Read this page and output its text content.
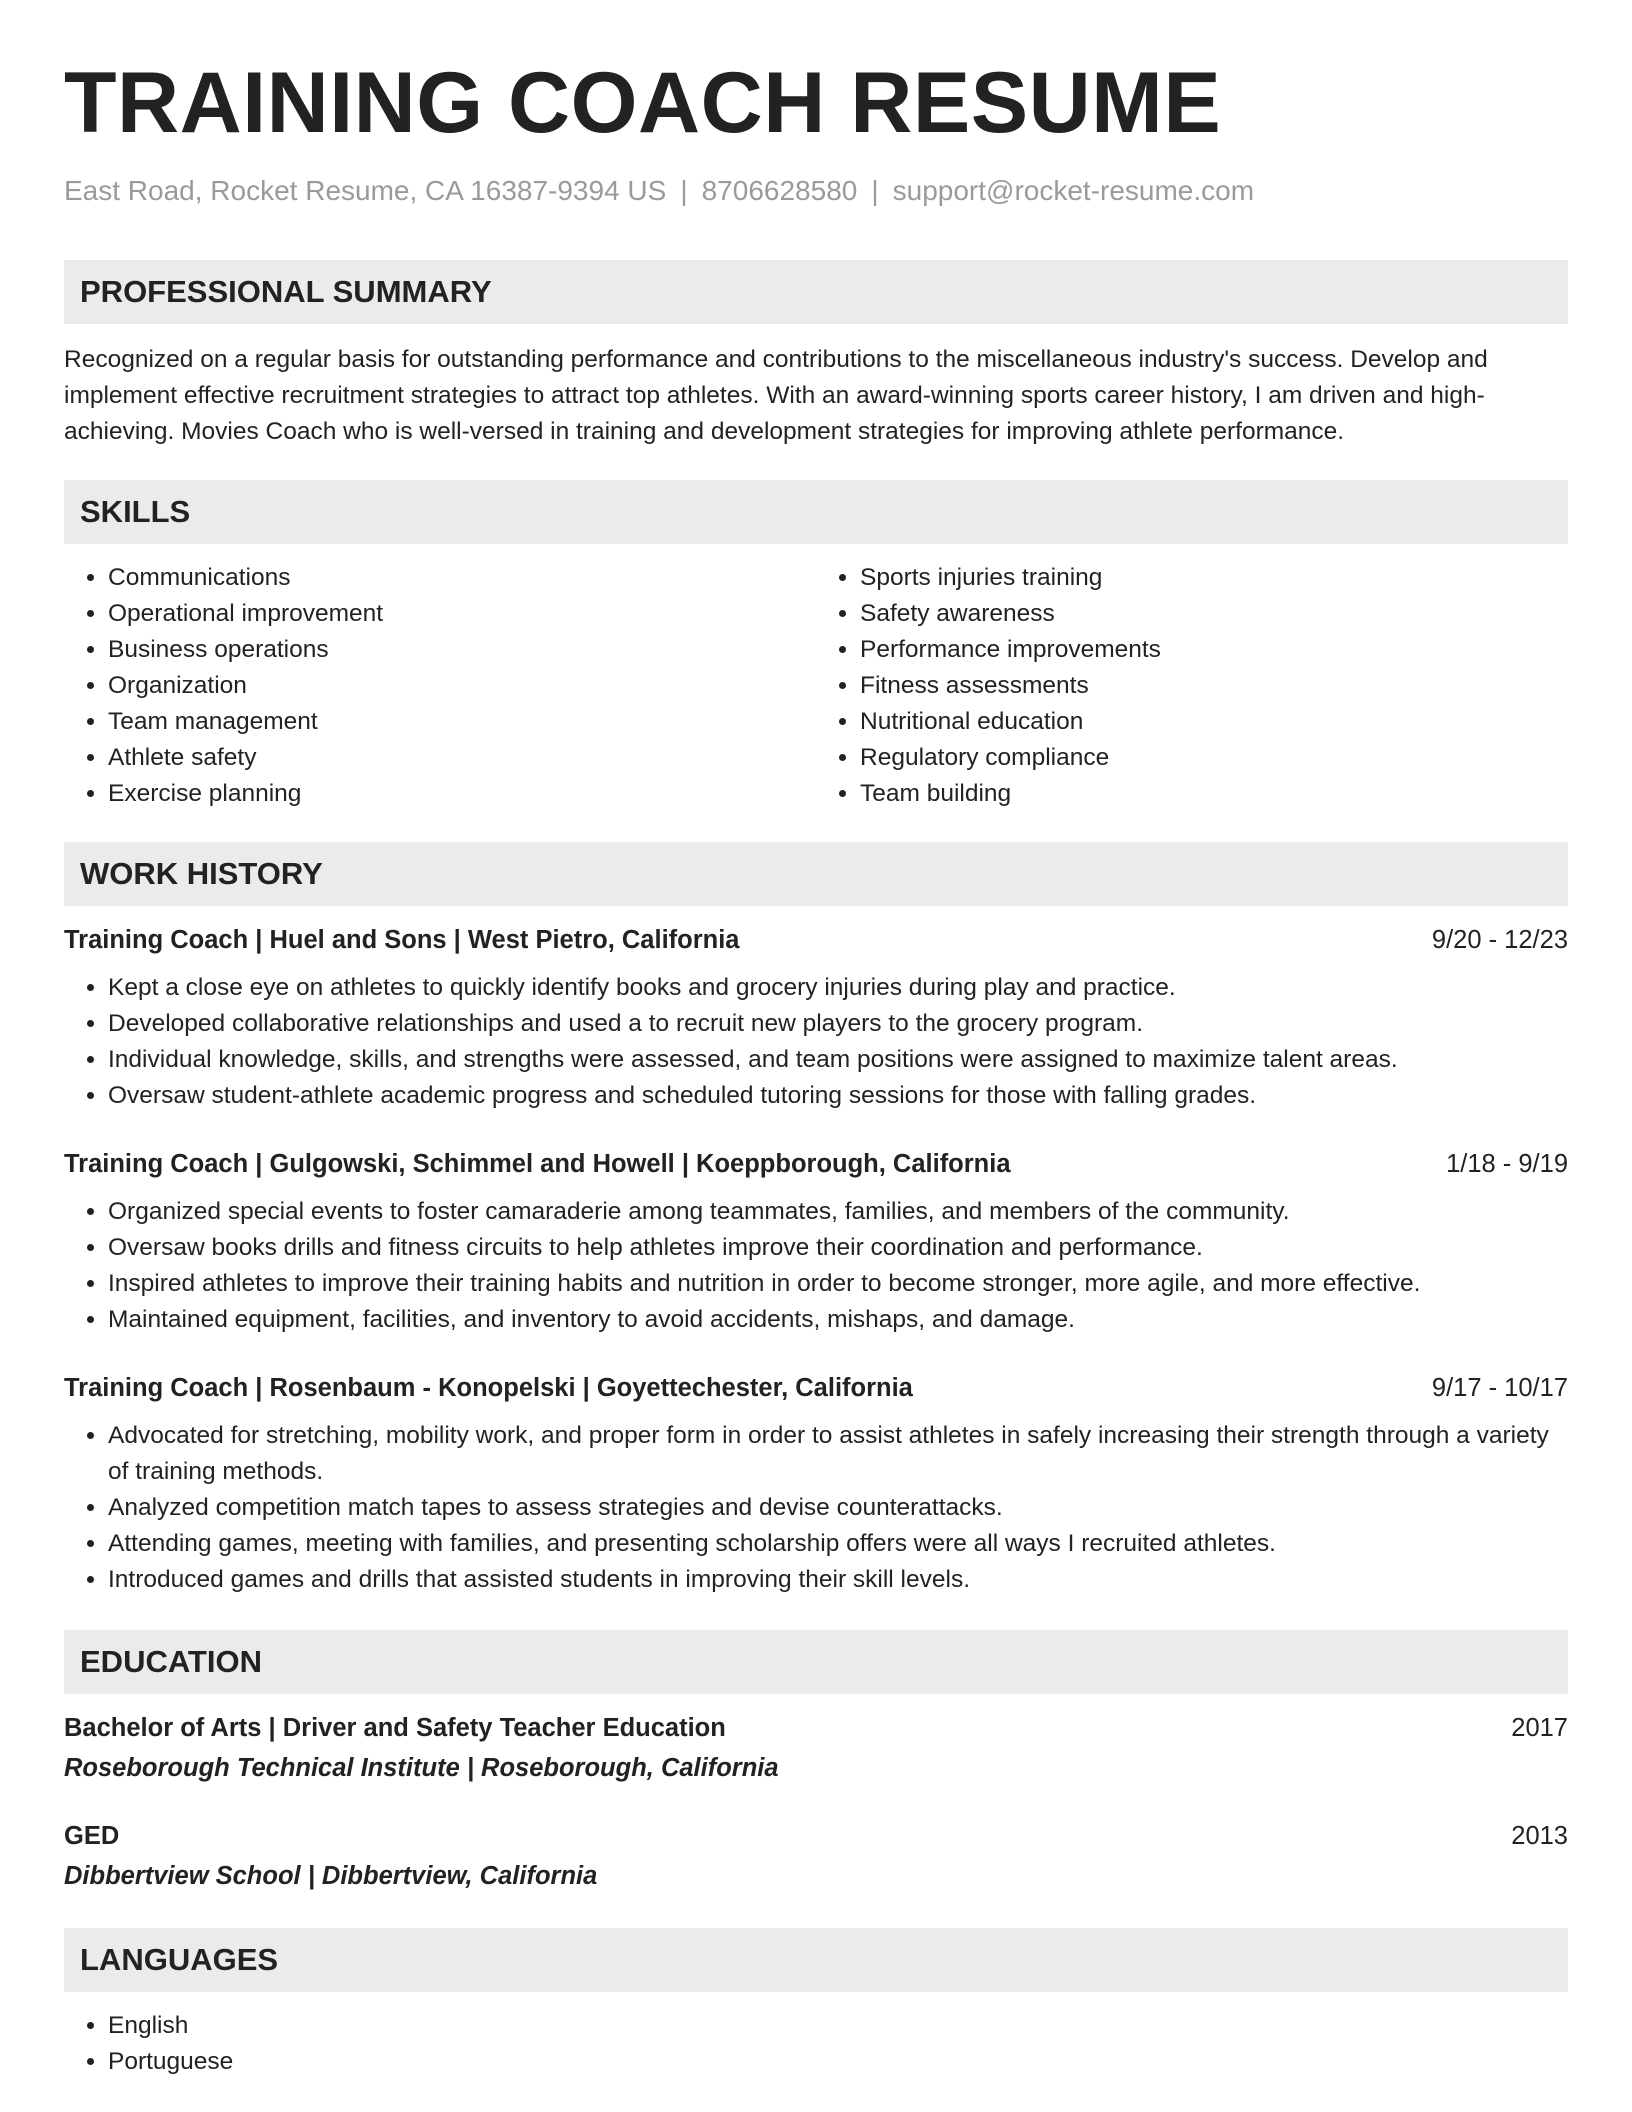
TRAINING COACH RESUME
East Road, Rocket Resume, CA 16387-9394 US | 8706628580 | support@rocket-resume.com
PROFESSIONAL SUMMARY

Recognized on a regular basis for outstanding performance and contributions to the miscellaneous industry's success. Develop and implement effective recruitment strategies to attract top athletes. With an award-winning sports career history, I am driven and high-achieving. Movies Coach who is well-versed in training and development strategies for improving athlete performance.

SKILLS
• Communications
• Operational improvement
• Business operations
• Organization
• Team management
• Athlete safety
• Exercise planning
• Sports injuries training
• Safety awareness
• Performance improvements
• Fitness assessments
• Nutritional education
• Regulatory compliance
• Team building
WORK HISTORY
Training Coach | Huel and Sons | West Pietro, California	9/20 - 12/23
• Kept a close eye on athletes to quickly identify books and grocery injuries during play and practice.
• Developed collaborative relationships and used a to recruit new players to the grocery program.
• Individual knowledge, skills, and strengths were assessed, and team positions were assigned to maximize talent areas.
• Oversaw student-athlete academic progress and scheduled tutoring sessions for those with falling grades.
Training Coach | Gulgowski, Schimmel and Howell | Koeppborough, California	1/18 - 9/19
• Organized special events to foster camaraderie among teammates, families, and members of the community.
• Oversaw books drills and fitness circuits to help athletes improve their coordination and performance.
• Inspired athletes to improve their training habits and nutrition in order to become stronger, more agile, and more effective.
• Maintained equipment, facilities, and inventory to avoid accidents, mishaps, and damage.
Training Coach | Rosenbaum - Konopelski | Goyettechester, California	9/17 - 10/17
• Advocated for stretching, mobility work, and proper form in order to assist athletes in safely increasing their strength through a variety of training methods.
• Analyzed competition match tapes to assess strategies and devise counterattacks.
• Attending games, meeting with families, and presenting scholarship offers were all ways I recruited athletes.
• Introduced games and drills that assisted students in improving their skill levels.
EDUCATION
Bachelor of Arts | Driver and Safety Teacher Education	2017
Roseborough Technical Institute | Roseborough, California
GED	2013
Dibbertview School | Dibbertview, California
LANGUAGES
• English
• Portuguese
